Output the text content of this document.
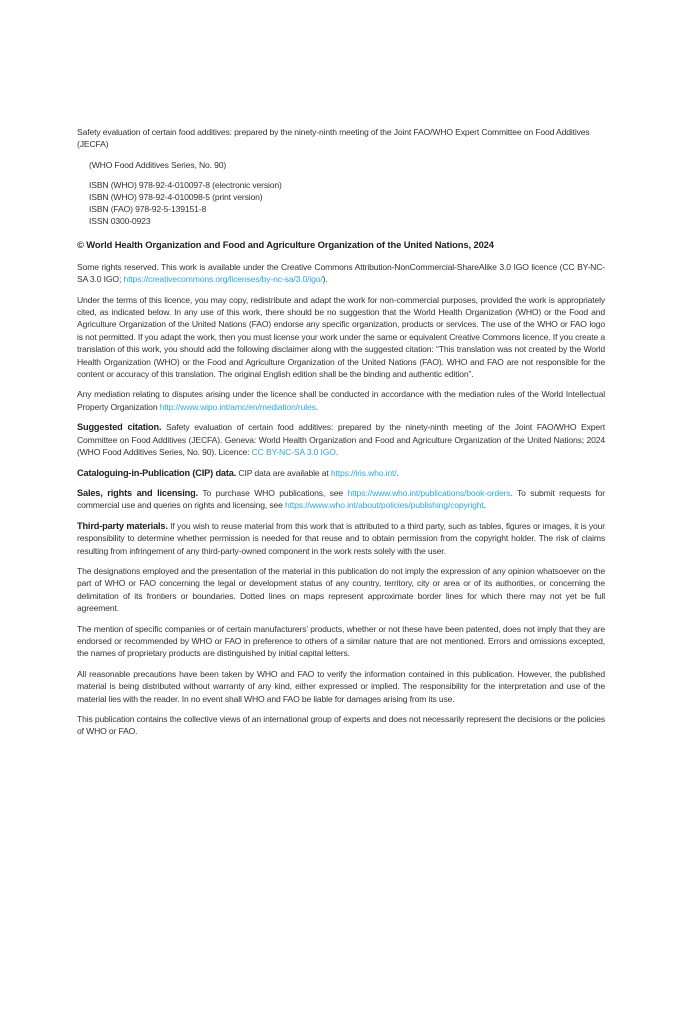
Safety evaluation of certain food additives: prepared by the ninety-ninth meeting of the Joint FAO/WHO Expert Committee on Food Additives (JECFA)

(WHO Food Additives Series, No. 90)
ISBN (WHO) 978-92-4-010097-8 (electronic version)
ISBN (WHO) 978-92-4-010098-5 (print version)
ISBN (FAO) 978-92-5-139151-8
ISSN 0300-0923
© World Health Organization and Food and Agriculture Organization of the United Nations, 2024

Some rights reserved. This work is available under the Creative Commons Attribution-NonCommercial-ShareAlike 3.0 IGO licence (CC BY-NC-SA 3.0 IGO; https://creativecommons.org/licenses/by-nc-sa/3.0/igo/).

Under the terms of this licence, you may copy, redistribute and adapt the work for non-commercial purposes, provided the work is appropriately cited, as indicated below. In any use of this work, there should be no suggestion that the World Health Organization (WHO) or the Food and Agriculture Organization of the United Nations (FAO) endorse any specific organization, products or services. The use of the WHO or FAO logo is not permitted. If you adapt the work, then you must license your work under the same or equivalent Creative Commons licence. If you create a translation of this work, you should add the following disclaimer along with the suggested citation: “This translation was not created by the World Health Organization (WHO) or the Food and Agriculture Organization of the United Nations (FAO). WHO and FAO are not responsible for the content or accuracy of this translation. The original English edition shall be the binding and authentic edition”.

Any mediation relating to disputes arising under the licence shall be conducted in accordance with the mediation rules of the World Intellectual Property Organization http://www.wipo.int/amc/en/mediation/rules.

Suggested citation. Safety evaluation of certain food additives: prepared by the ninety-ninth meeting of the Joint FAO/WHO Expert Committee on Food Additives (JECFA). Geneva: World Health Organization and Food and Agriculture Organization of the United Nations; 2024 (WHO Food Additives Series, No. 90). Licence: CC BY-NC-SA 3.0 IGO.

Cataloguing-in-Publication (CIP) data. CIP data are available at https://iris.who.int/.

Sales, rights and licensing. To purchase WHO publications, see https://www.who.int/publications/book-orders. To submit requests for commercial use and queries on rights and licensing, see https://www.who.int/about/policies/publishing/copyright.

Third-party materials. If you wish to reuse material from this work that is attributed to a third party, such as tables, figures or images, it is your responsibility to determine whether permission is needed for that reuse and to obtain permission from the copyright holder. The risk of claims resulting from infringement of any third-party-owned component in the work rests solely with the user.

The designations employed and the presentation of the material in this publication do not imply the expression of any opinion whatsoever on the part of WHO or FAO concerning the legal or development status of any country, territory, city or area or of its authorities, or concerning the delimitation of its frontiers or boundaries. Dotted lines on maps represent approximate border lines for which there may not yet be full agreement.

The mention of specific companies or of certain manufacturers’ products, whether or not these have been patented, does not imply that they are endorsed or recommended by WHO or FAO in preference to others of a similar nature that are not mentioned. Errors and omissions excepted, the names of proprietary products are distinguished by initial capital letters.

All reasonable precautions have been taken by WHO and FAO to verify the information contained in this publication. However, the published material is being distributed without warranty of any kind, either expressed or implied. The responsibility for the interpretation and use of the material lies with the reader. In no event shall WHO and FAO be liable for damages arising from its use.

This publication contains the collective views of an international group of experts and does not necessarily represent the decisions or the policies of WHO or FAO.
